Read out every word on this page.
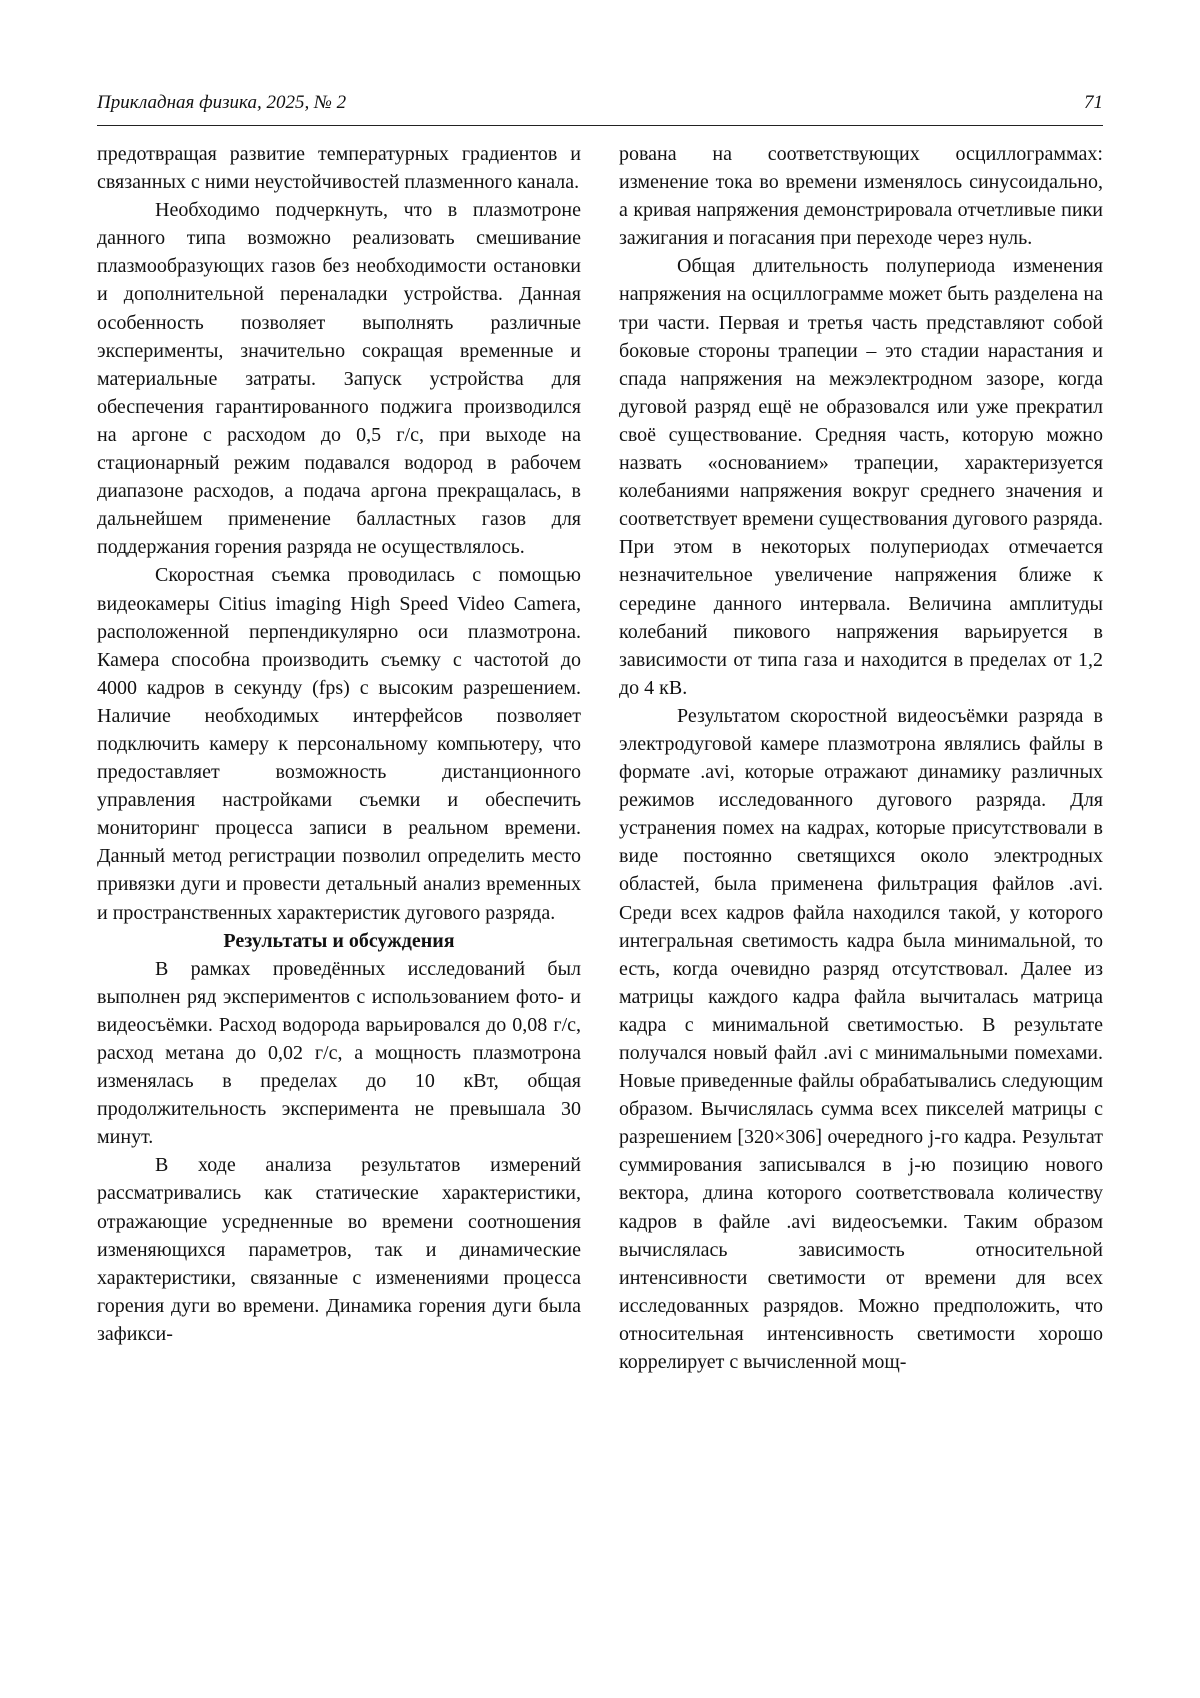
Прикладная физика, 2025, № 2	71

предотвращая развитие температурных градиентов и связанных с ними неустойчивостей плазменного канала.

Необходимо подчеркнуть, что в плазмотроне данного типа возможно реализовать смешивание плазмообразующих газов без необходимости остановки и дополнительной переналадки устройства. Данная особенность позволяет выполнять различные эксперименты, значительно сокращая временные и материальные затраты. Запуск устройства для обеспечения гарантированного поджига производился на аргоне с расходом до 0,5 г/с, при выходе на стационарный режим подавался водород в рабочем диапазоне расходов, а подача аргона прекращалась, в дальнейшем применение балластных газов для поддержания горения разряда не осуществлялось.

Скоростная съемка проводилась с помощью видеокамеры Citius imaging High Speed Video Camera, расположенной перпендикулярно оси плазмотрона. Камера способна производить съемку с частотой до 4000 кадров в секунду (fps) с высоким разрешением. Наличие необходимых интерфейсов позволяет подключить камеру к персональному компьютеру, что предоставляет возможность дистанционного управления настройками съемки и обеспечить мониторинг процесса записи в реальном времени. Данный метод регистрации позволил определить место привязки дуги и провести детальный анализ временных и пространственных характеристик дугового разряда.

Результаты и обсуждения

В рамках проведённых исследований был выполнен ряд экспериментов с использованием фото- и видеосъёмки. Расход водорода варьировался до 0,08 г/с, расход метана до 0,02 г/с, а мощность плазмотрона изменялась в пределах до 10 кВт, общая продолжительность эксперимента не превышала 30 минут.

В ходе анализа результатов измерений рассматривались как статические характеристики, отражающие усредненные во времени соотношения изменяющихся параметров, так и динамические характеристики, связанные с изменениями процесса горения дуги во времени. Динамика горения дуги была зафикси-

рована на соответствующих осциллограммах: изменение тока во времени изменялось синусоидально, а кривая напряжения демонстрировала отчетливые пики зажигания и погасания при переходе через нуль.

Общая длительность полупериода изменения напряжения на осциллограмме может быть разделена на три части. Первая и третья часть представляют собой боковые стороны трапеции – это стадии нарастания и спада напряжения на межэлектродном зазоре, когда дуговой разряд ещё не образовался или уже прекратил своё существование. Средняя часть, которую можно назвать «основанием» трапеции, характеризуется колебаниями напряжения вокруг среднего значения и соответствует времени существования дугового разряда. При этом в некоторых полупериодах отмечается незначительное увеличение напряжения ближе к середине данного интервала. Величина амплитуды колебаний пикового напряжения варьируется в зависимости от типа газа и находится в пределах от 1,2 до 4 кВ.

Результатом скоростной видеосъёмки разряда в электродуговой камере плазмотрона являлись файлы в формате .avi, которые отражают динамику различных режимов исследованного дугового разряда. Для устранения помех на кадрах, которые присутствовали в виде постоянно светящихся около электродных областей, была применена фильтрация файлов .avi. Среди всех кадров файла находился такой, у которого интегральная светимость кадра была минимальной, то есть, когда очевидно разряд отсутствовал. Далее из матрицы каждого кадра файла вычиталась матрица кадра с минимальной светимостью. В результате получался новый файл .avi с минимальными помехами. Новые приведенные файлы обрабатывались следующим образом. Вычислялась сумма всех пикселей матрицы с разрешением [320×306] очередного j-го кадра. Результат суммирования записывался в j-ю позицию нового вектора, длина которого соответствовала количеству кадров в файле .avi видеосъемки. Таким образом вычислялась зависимость относительной интенсивности светимости от времени для всех исследованных разрядов. Можно предположить, что относительная интенсивность светимости хорошо коррелирует с вычисленной мощ-
